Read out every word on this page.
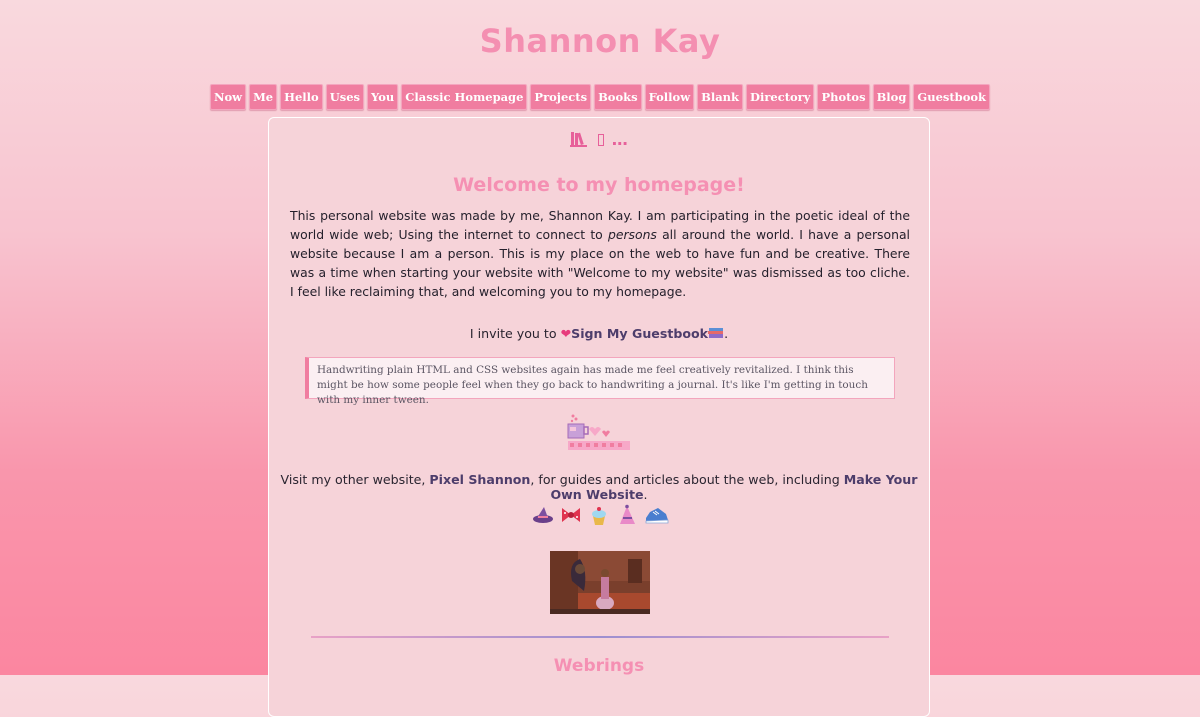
Shannon Kay
Now Me Hello Uses You Classic Homepage Projects Books Follow Blank Directory Photos Blog Guestbook
…
Welcome to my homepage!

This personal website was made by me, Shannon Kay. I am participating in the poetic ideal of the world wide web; Using the internet to connect to persons all around the world. I have a personal website because I am a person. This is my place on the web to have fun and be creative. There was a time when starting your website with "Welcome to my website" was dismissed as too cliche. I feel like reclaiming that, and welcoming you to my homepage.

I invite you to ❤Sign My Guestbook .
Handwriting plain HTML and CSS websites again has made me feel creatively revitalized. I think this might be how some people feel when they go back to handwriting a journal. It's like I'm getting in touch with my inner tween.
Visit my other website, Pixel Shannon, for guides and articles about the web, including Make Your Own Website.
Webrings
